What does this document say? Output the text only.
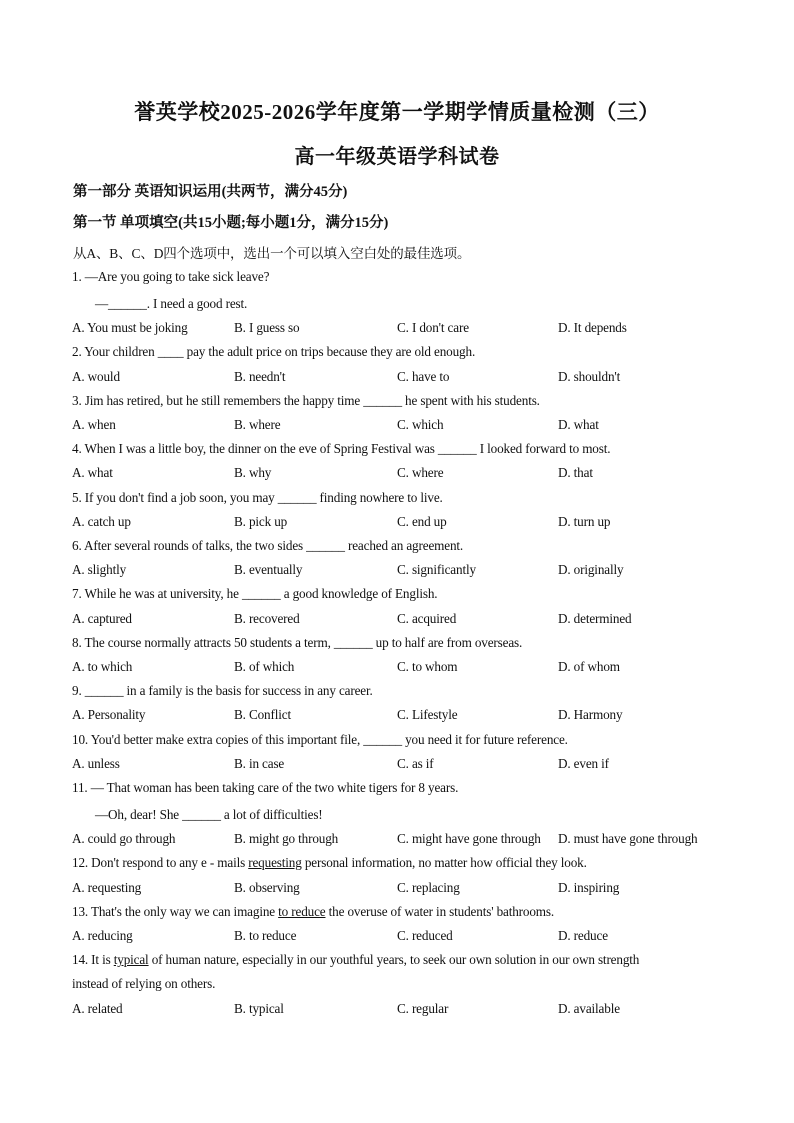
誉英学校2025-2026学年度第一学期学情质量检测（三）
高一年级英语学科试卷
第一部分 英语知识运用(共两节，满分45分)
第一节 单项填空(共15小题;每小题1分，满分15分)
从A、B、C、D四个选项中，选出一个可以填入空白处的最佳选项。
1. —Are you going to take sick leave?
—______. I need a good rest.
A. You must be joking	B. I guess so	C. I don't care	D. It depends
2. Your children ____ pay the adult price on trips because they are old enough.
A. would	B. needn't	C. have to	D. shouldn't
3. Jim has retired, but he still remembers the happy time ______ he spent with his students.
A. when	B. where	C. which	D. what
4. When I was a little boy, the dinner on the eve of Spring Festival was ______ I looked forward to most.
A. what	B. why	C. where	D. that
5. If you don't find a job soon, you may ______ finding nowhere to live.
A. catch up	B. pick up	C. end up	D. turn up
6. After several rounds of talks, the two sides ______ reached an agreement.
A. slightly	B. eventually	C. significantly	D. originally
7. While he was at university, he ______ a good knowledge of English.
A. captured	B. recovered	C. acquired	D. determined
8. The course normally attracts 50 students a term, ______ up to half are from overseas.
A. to which	B. of which	C. to whom	D. of whom
9. ______ in a family is the basis for success in any career.
A. Personality	B. Conflict	C. Lifestyle	D. Harmony
10. You'd better make extra copies of this important file, ______ you need it for future reference.
A. unless	B. in case	C. as if	D. even if
11. — That woman has been taking care of the two white tigers for 8 years.
—Oh, dear! She ______ a lot of difficulties!
A. could go through	B. might go through	C. might have gone through D. must have gone through
12. Don't respond to any e - mails requesting personal information, no matter how official they look.
A. requesting	B. observing	C. replacing	D. inspiring
13. That's the only way we can imagine to reduce the overuse of water in students' bathrooms.
A. reducing	B. to reduce	C. reduced	D. reduce
14. It is typical of human nature, especially in our youthful years, to seek our own solution in our own strength
instead of relying on others.
A. related	B. typical	C. regular	D. available
